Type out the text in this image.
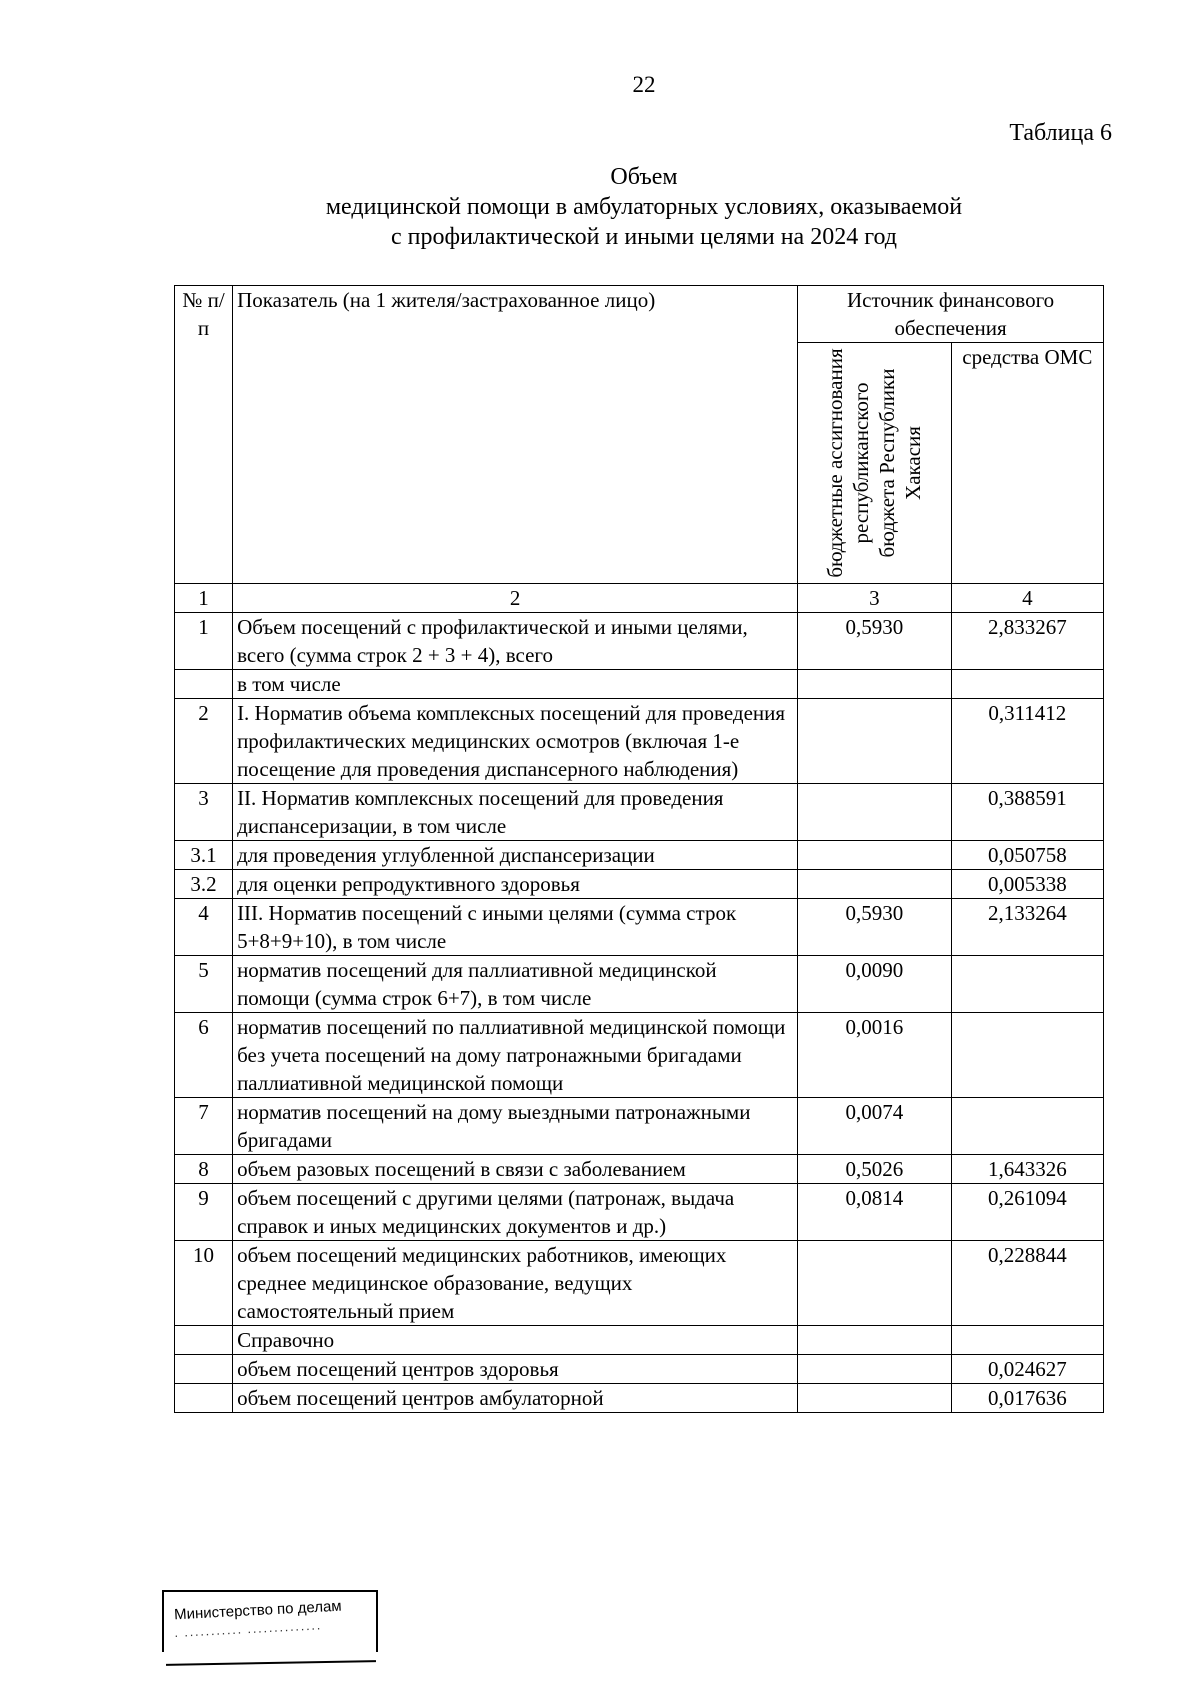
22
Таблица 6
Объем
медицинской помощи в амбулаторных условиях, оказываемой
с профилактической и иными целями на 2024 год
№ п/п	Показатель (на 1 жителя/застрахованное лицо)	Источник финансового обеспечения	

		бюджетные ассигнования республиканского бюджета Республики Хакасия	средства ОМС
1	2	3	4
1	Объем посещений с профилактической и иными целями, всего (сумма строк 2 + 3 + 4), всего	0,5930	2,833267
	в том числе		
2	I. Норматив объема комплексных посещений для проведения профилактических медицинских осмотров (включая 1-е посещение для проведения диспансерного наблюдения)		0,311412
3	II. Норматив комплексных посещений для проведения диспансеризации, в том числе		0,388591
3.1	для проведения углубленной диспансеризации		0,050758
3.2	для оценки репродуктивного здоровья		0,005338
4	III. Норматив посещений с иными целями (сумма строк 5+8+9+10), в том числе	0,5930	2,133264
5	норматив посещений для паллиативной медицинской помощи (сумма строк 6+7), в том числе	0,0090	
6	норматив посещений по паллиативной медицинской помощи без учета посещений на дому патронажными бригадами паллиативной медицинской помощи	0,0016	
7	норматив посещений на дому выездными патронажными бригадами	0,0074	
8	объем разовых посещений в связи с заболеванием	0,5026	1,643326
9	объем посещений с другими целями (патронаж, выдача справок и иных медицинских документов и др.)	0,0814	0,261094
10	объем посещений медицинских работников, имеющих среднее медицинское образование, ведущих самостоятельный прием		0,228844
	Справочно		
	объем посещений центров здоровья		0,024627
	объем посещений центров амбулаторной		0,017636
Министерство по делам
· ··········· ··············
